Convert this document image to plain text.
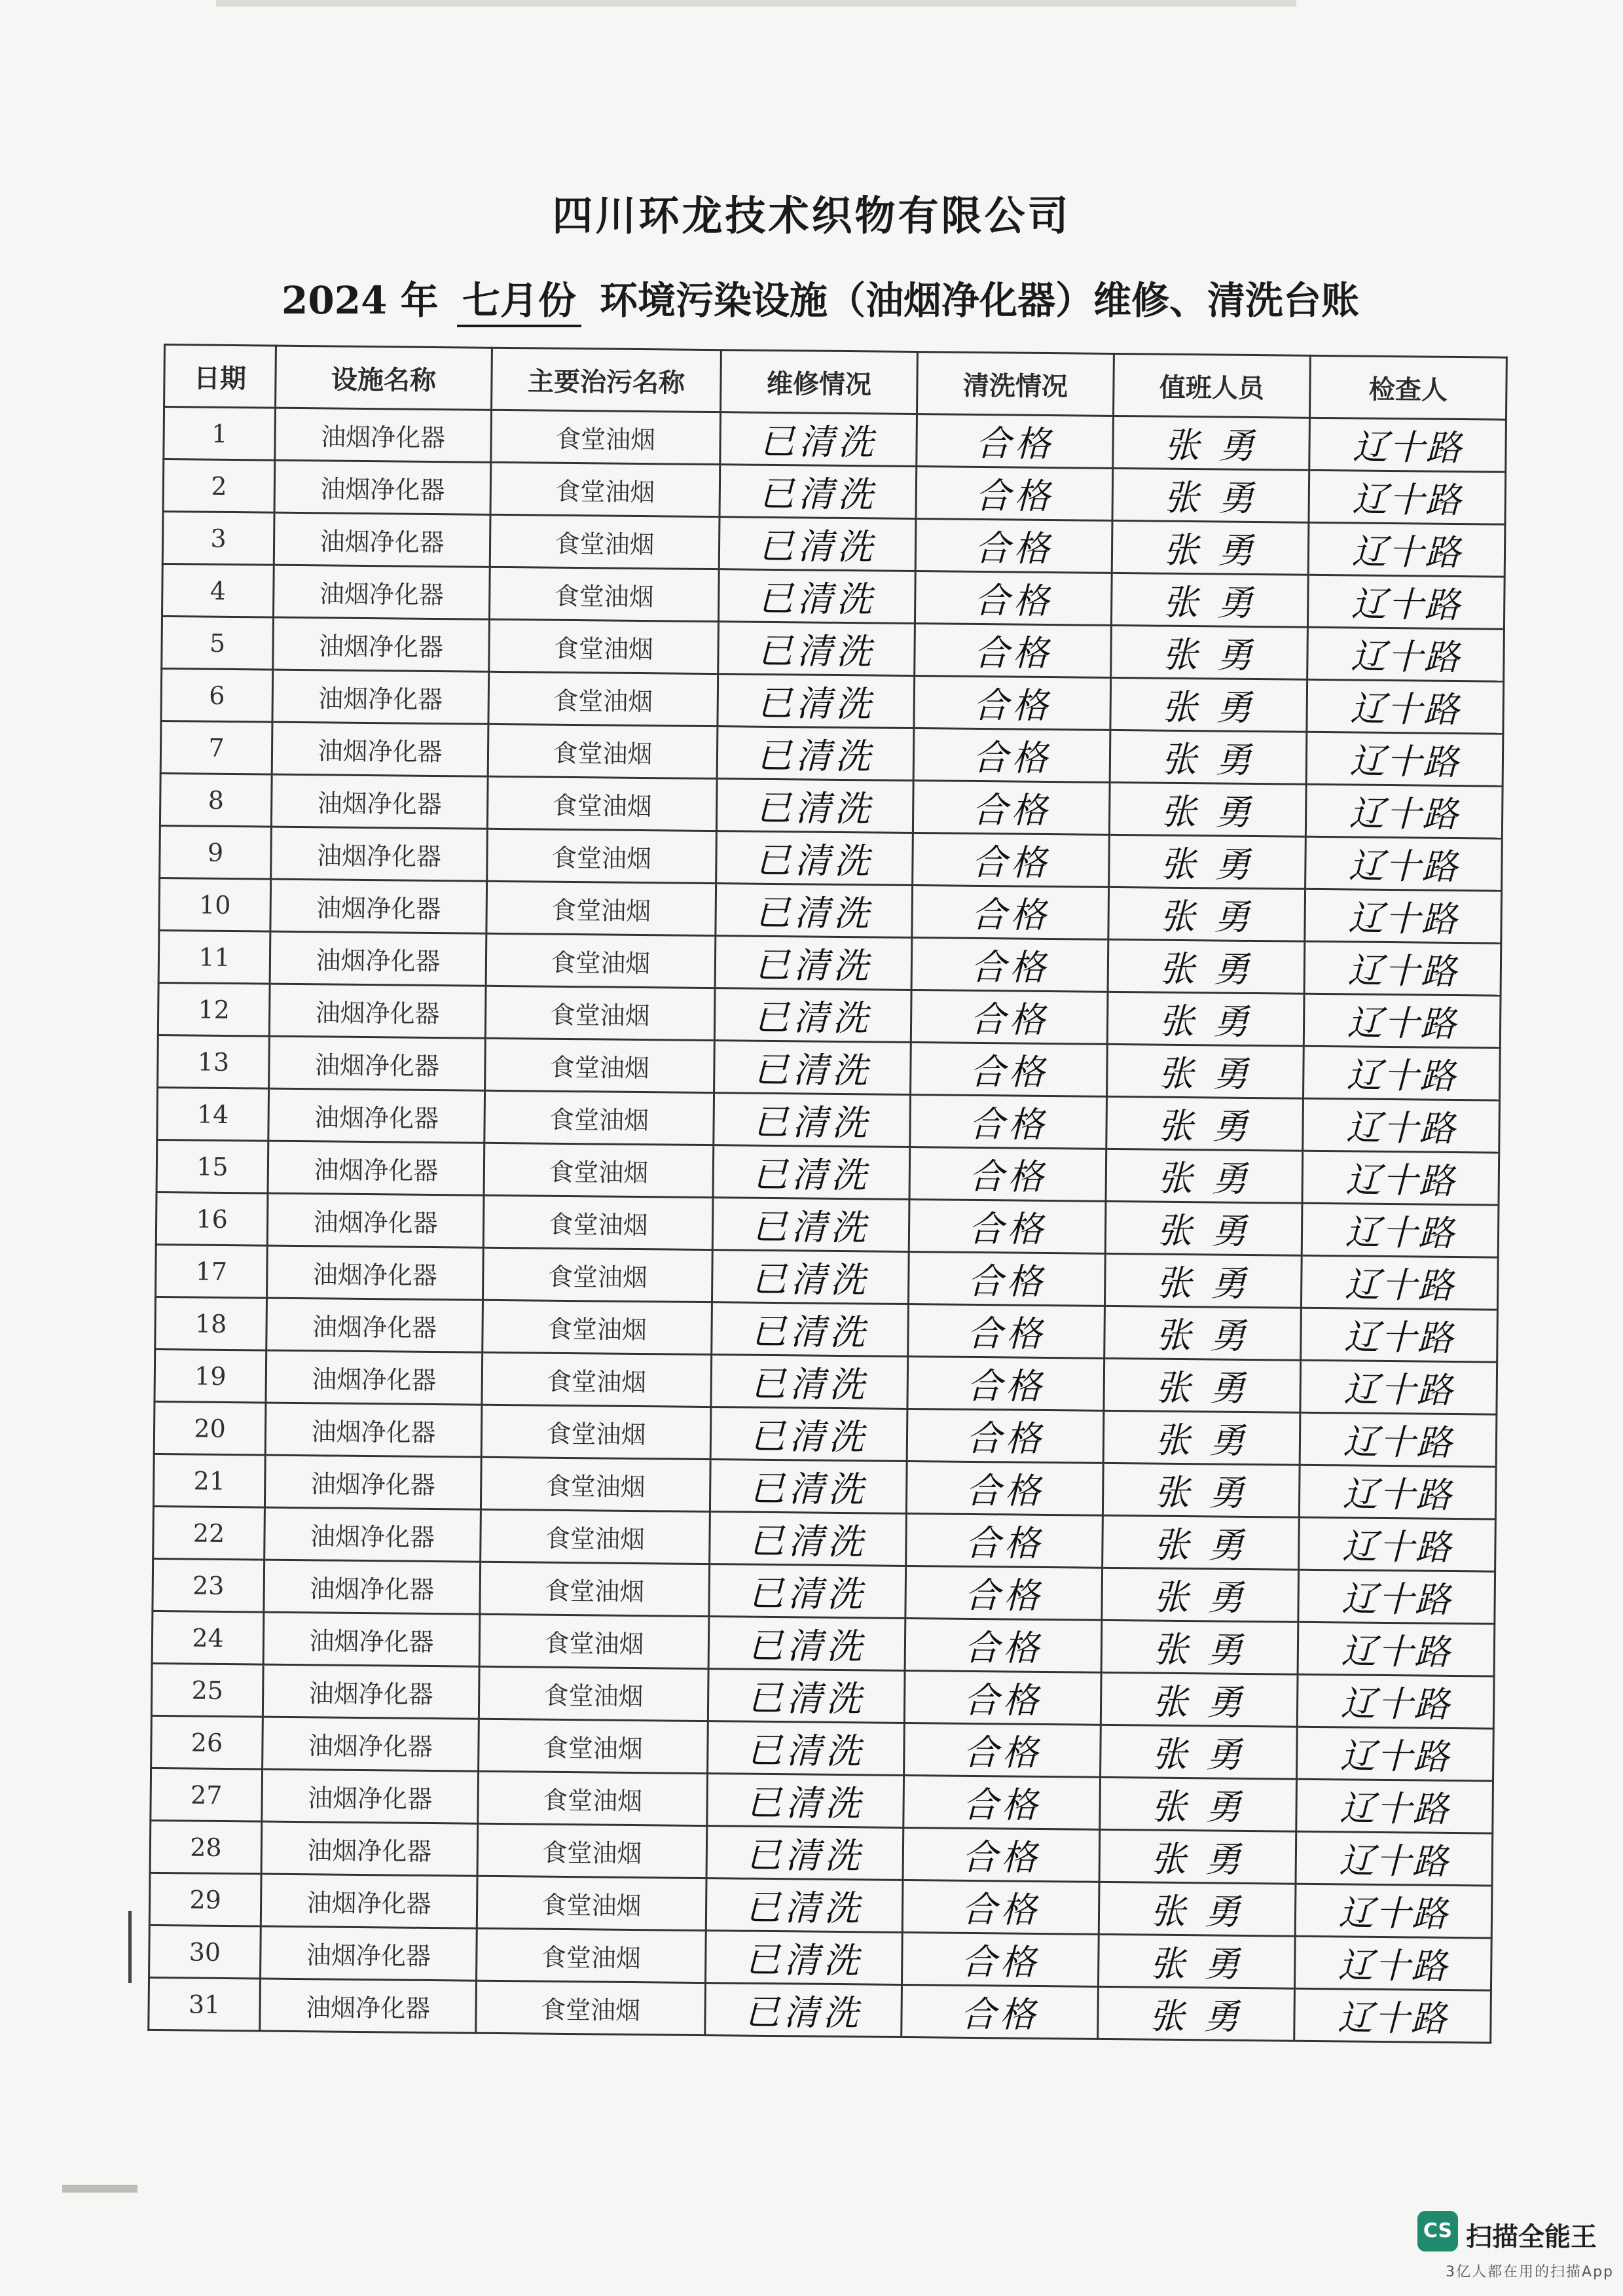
四川环龙技术织物有限公司
2024 年 七月份 环境污染设施（油烟净化器）维修、清洗台账
日期	设施名称	主要治污名称	维修情况	清洗情况	值班人员	检查人
1	油烟净化器	食堂油烟	已清洗	合格	张 勇	辽十路
2	油烟净化器	食堂油烟	已清洗	合格	张 勇	辽十路
3	油烟净化器	食堂油烟	已清洗	合格	张 勇	辽十路
4	油烟净化器	食堂油烟	已清洗	合格	张 勇	辽十路
5	油烟净化器	食堂油烟	已清洗	合格	张 勇	辽十路
6	油烟净化器	食堂油烟	已清洗	合格	张 勇	辽十路
7	油烟净化器	食堂油烟	已清洗	合格	张 勇	辽十路
8	油烟净化器	食堂油烟	已清洗	合格	张 勇	辽十路
9	油烟净化器	食堂油烟	已清洗	合格	张 勇	辽十路
10	油烟净化器	食堂油烟	已清洗	合格	张 勇	辽十路
11	油烟净化器	食堂油烟	已清洗	合格	张 勇	辽十路
12	油烟净化器	食堂油烟	已清洗	合格	张 勇	辽十路
13	油烟净化器	食堂油烟	已清洗	合格	张 勇	辽十路
14	油烟净化器	食堂油烟	已清洗	合格	张 勇	辽十路
15	油烟净化器	食堂油烟	已清洗	合格	张 勇	辽十路
16	油烟净化器	食堂油烟	已清洗	合格	张 勇	辽十路
17	油烟净化器	食堂油烟	已清洗	合格	张 勇	辽十路
18	油烟净化器	食堂油烟	已清洗	合格	张 勇	辽十路
19	油烟净化器	食堂油烟	已清洗	合格	张 勇	辽十路
20	油烟净化器	食堂油烟	已清洗	合格	张 勇	辽十路
21	油烟净化器	食堂油烟	已清洗	合格	张 勇	辽十路
22	油烟净化器	食堂油烟	已清洗	合格	张 勇	辽十路
23	油烟净化器	食堂油烟	已清洗	合格	张 勇	辽十路
24	油烟净化器	食堂油烟	已清洗	合格	张 勇	辽十路
25	油烟净化器	食堂油烟	已清洗	合格	张 勇	辽十路
26	油烟净化器	食堂油烟	已清洗	合格	张 勇	辽十路
27	油烟净化器	食堂油烟	已清洗	合格	张 勇	辽十路
28	油烟净化器	食堂油烟	已清洗	合格	张 勇	辽十路
29	油烟净化器	食堂油烟	已清洗	合格	张 勇	辽十路
30	油烟净化器	食堂油烟	已清洗	合格	张 勇	辽十路
31	油烟净化器	食堂油烟	已清洗	合格	张 勇	辽十路
CS 扫描全能王
3亿人都在用的扫描App
